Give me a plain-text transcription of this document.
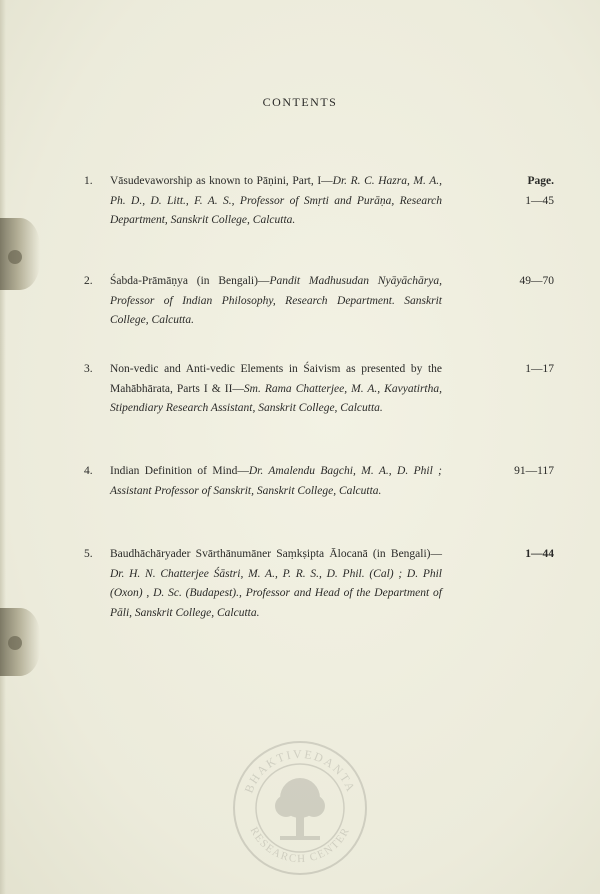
CONTENTS
1.	Vāsudevaworship as known to Pāṇini, Part, I—Dr. R. C. Hazra, M. A., Ph. D., D. Litt., F. A. S., Professor of Smṛti and Purāṇa, Research Department, Sanskrit College, Calcutta.
Page.
1—45
2.	Śabda-Prāmāṇya (in Bengali)—Pandit Madhusudan Nyāyāchārya, Professor of Indian Philosophy, Research Department. Sanskrit College, Calcutta.
49—70
3.	Non-vedic and Anti-vedic Elements in Śaivism as presented by the Mahābhārata, Parts I & II—Sm. Rama Chatterjee, M. A., Kavyatirtha, Stipendiary Research Assistant, Sanskrit College, Calcutta.
1—17
4.	Indian Definition of Mind—Dr. Amalendu Bagchi, M. A., D. Phil ; Assistant Professor of Sanskrit, Sanskrit College, Calcutta.
91—117
5.	Baudhāchāryader Svārthānumāner Saṃkṣipta Ālocanā (in Bengali)—Dr. H. N. Chatterjee Śāstri, M. A., P. R. S., D. Phil. (Cal) ; D. Phil (Oxon) , D. Sc. (Budapest)., Professor and Head of the Department of Pāli, Sanskrit College, Calcutta.
1—44
BHAKTIVEDANTA
RESEARCH CENTER
